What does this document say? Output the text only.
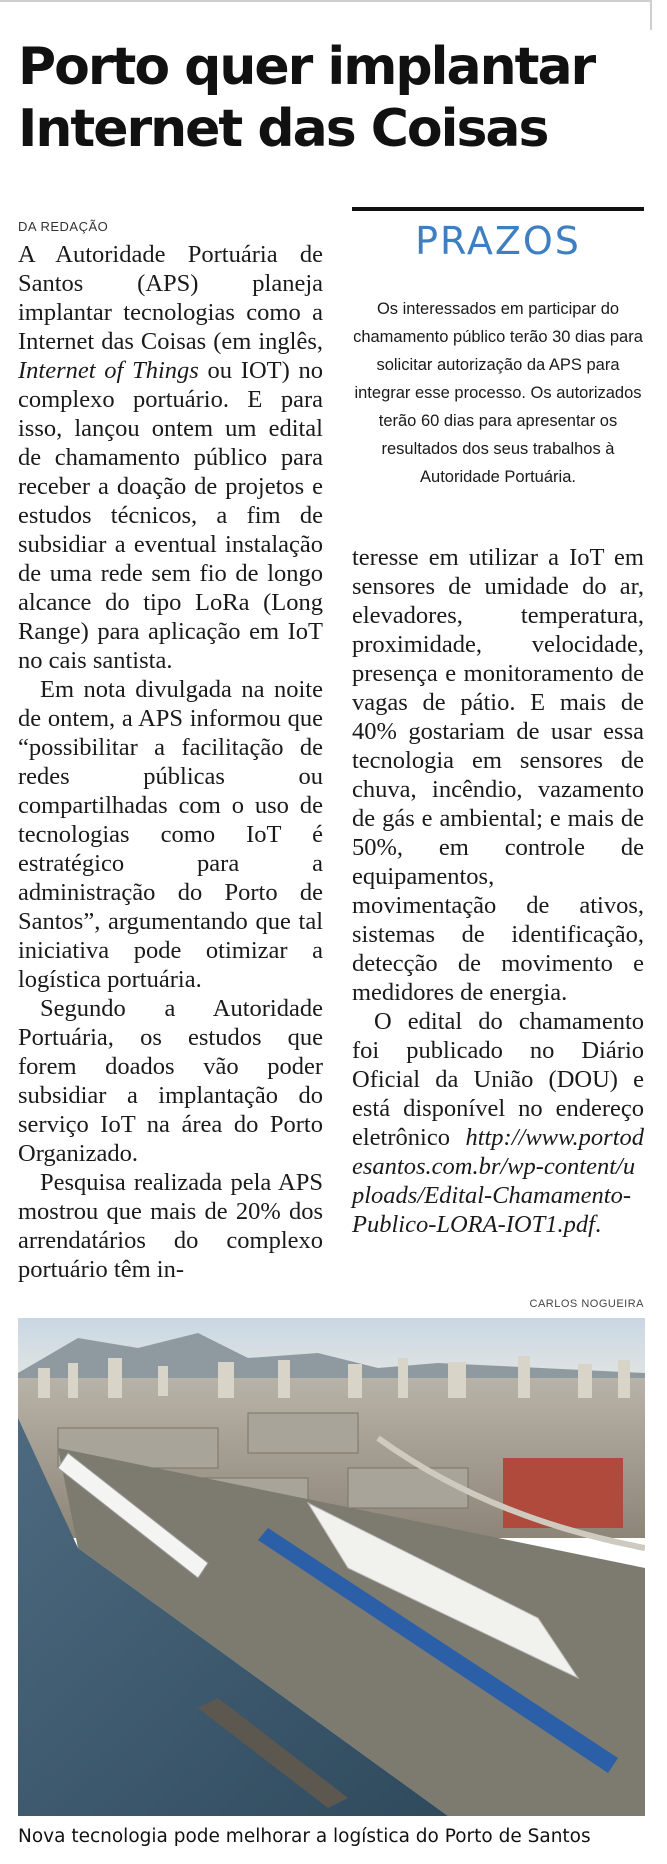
Porto quer implantar
Internet das Coisas
DA REDAÇÃO

A Autoridade Portuária de Santos (APS) planeja implantar tecnologias como a Internet das Coisas (em inglês, Internet of Things ou IOT) no complexo portuário. E para isso, lançou ontem um edital de chamamento público para receber a doação de projetos e estudos técnicos, a fim de subsidiar a eventual instalação de uma rede sem fio de longo alcance do tipo LoRa (Long Range) para aplicação em IoT no cais santista.

Em nota divulgada na noite de ontem, a APS informou que “possibilitar a facilitação de redes públicas ou compartilhadas com o uso de tecnologias como IoT é estratégico para a administração do Porto de Santos”, argumentando que tal iniciativa pode otimizar a logística portuária.

Segundo a Autoridade Portuária, os estudos que forem doados vão poder subsidiar a implantação do serviço IoT na área do Porto Organizado.

Pesquisa realizada pela APS mostrou que mais de 20% dos arrendatários do complexo portuário têm in-

PRAZOS
Os interessados em participar do chamamento público terão 30 dias para solicitar autorização da APS para integrar esse processo. Os autorizados terão 60 dias para apresentar os resultados dos seus trabalhos à Autoridade Portuária.

teresse em utilizar a IoT em sensores de umidade do ar, elevadores, temperatura, proximidade, velocidade, presença e monitoramento de vagas de pátio. E mais de 40% gostariam de usar essa tecnologia em sensores de chuva, incêndio, vazamento de gás e ambiental; e mais de 50%, em controle de equipamentos, movimentação de ativos, sistemas de identificação, detecção de movimento e medidores de energia.

O edital do chamamento foi publicado no Diário Oficial da União (DOU) e está disponível no endereço eletrônico http://www.portodesantos.com.br/wp-content/uploads/Edital-Chamamento-Publico-LORA-IOT1.pdf.

CARLOS NOGUEIRA
Nova tecnologia pode melhorar a logística do Porto de Santos
